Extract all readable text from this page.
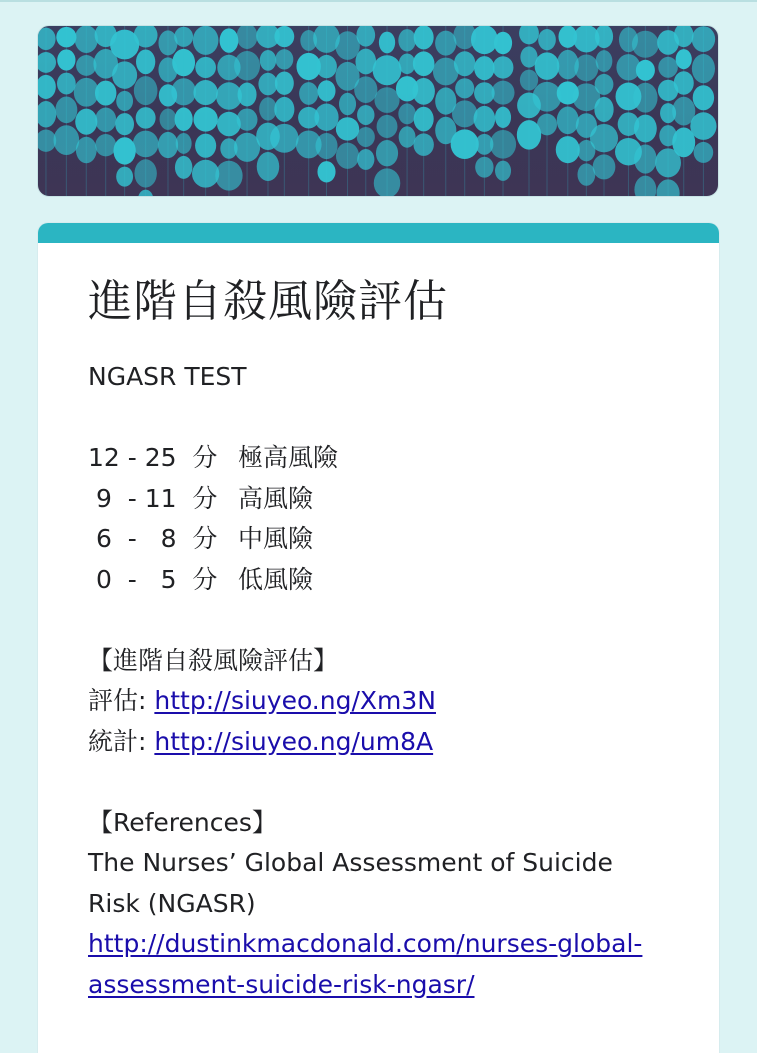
進階自殺風險評估
NGASR TEST
12 - 25  分 極高風險
9  - 11  分 高風險
6  -   8  分 中風險
0  -   5  分 低風險
【進階自殺風險評估】
評估: http://siuyeo.ng/Xm3N
統計: http://siuyeo.ng/um8A
【References】
The Nurses’ Global Assessment of Suicide Risk (NGASR)
http://dustinkmacdonald.com/nurses-global-assessment-suicide-risk-ngasr/
